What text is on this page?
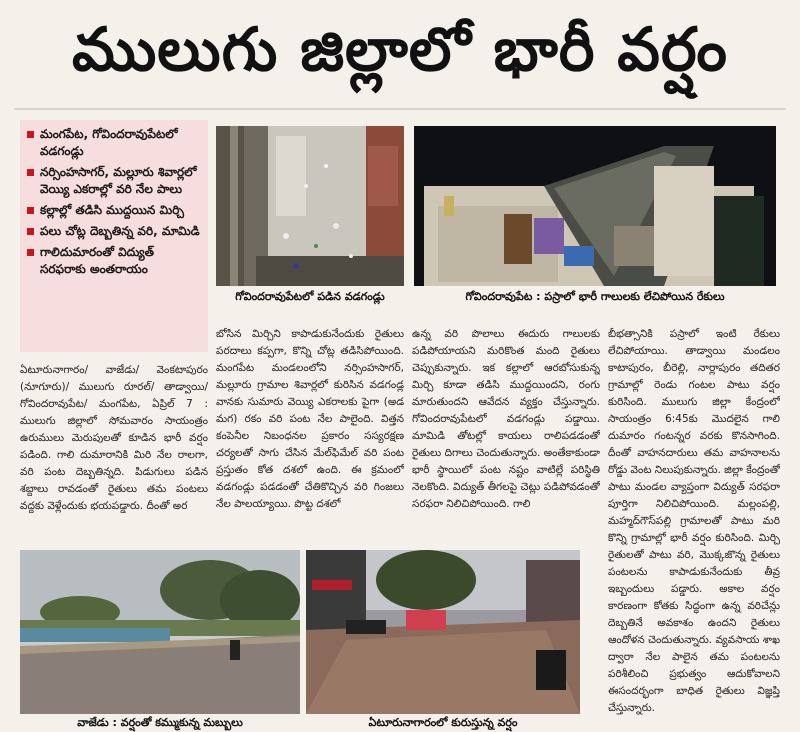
ములుగు జిల్లాలో భారీ వర్షం
మంగపేట, గోవిందరావుపేటలో వడగండ్లు
నర్సింహసాగర్, మల్లూరు శివార్లలో వెయ్యి ఎకరాల్లో వరి నేల పాలు
కల్లాల్లో తడిసి ముద్దయిన మిర్చి
పలు చోట్ల దెబ్బతిన్న వరి, మామిడి
గాలిదుమారంతో విద్యుత్ సరఫరాకు అంతరాయం
గోవిందరావుపేటలో పడిన వడగండ్లు	గోవిందరావుపేట : పస్రాలో భారీ గాలులకు లేచిపోయిన రేకులు
ఏటూరునాగారం/ వాజేడు/ వెంకటాపురం (నూగూరు)/ ములుగు రూరల్/ తాడ్వాయి/ గోవిందరావుపేట/ మంగపేట, ఏప్రిల్ 7 : ములుగు జిల్లాలో సోమవారం సాయంత్రం ఉరుములు మెరుపులతో కూడిన భారీ వర్షం పడింది. గాలి దుమారానికి మిరి నేల రాలగా, వరి పంట దెబ్బతిన్నది. పిడుగులు పడిన శబ్దాలు రావడంతో రైతులు తమ పంటలు వద్దకు వెళ్లేందుకు భయపడ్డారు. దీంతో అర
బోసిన మిర్చిని కాపాడుకునేందుకు రైతులు పరదాలు కప్పగా, కొన్ని చోట్ల తడిసిపోయింది. మంగపేట మండలంలోని నర్సింహసాగర్, మల్లూరు గ్రామాల శివార్లలో కురిసిన వడగండ్ల వానకు సుమారు వెయ్యి ఎకరాలకు పైగా (అడ మగ) రకం వరి పంట నేల పాలైంది. విత్తన కంపెనీల నిబంధనల ప్రకారం సస్యరక్షణ చర్యలతో సాగు చేసిన మేల్‌ఫిమేల్ వరి పంట ప్రస్తుతం కోత దశలో ఉంది. ఈ క్రమంలో వడగండ్లు పడడంతో చేతికొచ్చిన వరి గింజలు నేల పాలయ్యాయి. పొట్ట దశలో
ఉన్న వరి పొలాలు ఈదురు గాలులకు పడిపోయాయని మరికొంత మంది రైతులు చెప్పుకున్నారు. ఇక కల్లాలో ఆరబోసుకున్న మిర్చి కూడా తడిసి ముద్దయిందని, రంగు మారుతుందని ఆవేదన వ్యక్తం చేస్తున్నారు. గోవిందరావుపేటలో వడగండ్లు పడ్డాయి. మామిడి తోటల్లో కాయలు రాలిపడడంతో రైతులు దిగాలు చెందుతున్నారు. అంతేకాకుండా భారీ స్థాయిలో పంట నష్టం వాటిల్లే పరిస్థితి నెలకొంది. విద్యుత్ తీగలపై చెట్లు పడిపోవడంతో సరఫరా నిలిచిపోయింది. గాలి
బీభత్సానికి పస్రాలో ఇంటి రేకులు లేచిపోయాయి. తాడ్వాయి మండలం కాటాపురం, బీరెల్లి, నార్లాపురం తదితర గ్రామాల్లో రెండు గంటల పాటు వర్షం కురిసింది. ములుగు జిల్లా కేంద్రంలో సాయంత్రం 6:45కు మొదలైన గాలి దుమారం గంటన్నర వరకు కొనసాగింది. దీంతో వాహనదారులు తమ వాహనాలను రోడ్డు వెంట నిలుపుకున్నారు. జిల్లా కేంద్రంతో పాటు మండల వ్యాప్తంగా విద్యుత్ సరఫరా పూర్తిగా నిలిచిపోయింది. మల్లంపల్లి, మహ్మద్‌గౌస్‌పల్లి గ్రామాలతో పాటు మరి కొన్ని గ్రామాల్లో భారీ వర్షం కురిసింది. మిర్చి రైతులతో పాటు వరి, మొక్కజొన్న రైతులు పంటలను కాపాడుకునేందుకు తీవ్ర ఇబ్బందులు పడ్డారు. అకాల వర్షం కారణంగా కోతకు సిద్ధంగా ఉన్న వరిచేన్లు దెబ్బతినే అవకాశం ఉందని రైతులు ఆందోళన చెందుతున్నారు. వ్యవసాయ శాఖ ద్వారా నేల పాలైన తమ పంటలను పరిశీలించి ప్రభుత్వం ఆదుకోవాలని ఈసందర్భంగా బాధిత రైతులు విజ్ఞప్తి చేస్తున్నారు.
వాజేడు : వర్షంతో కమ్ముకున్న మబ్బులు	ఏటూరునాగారంలో కురుస్తున్న వర్షం
